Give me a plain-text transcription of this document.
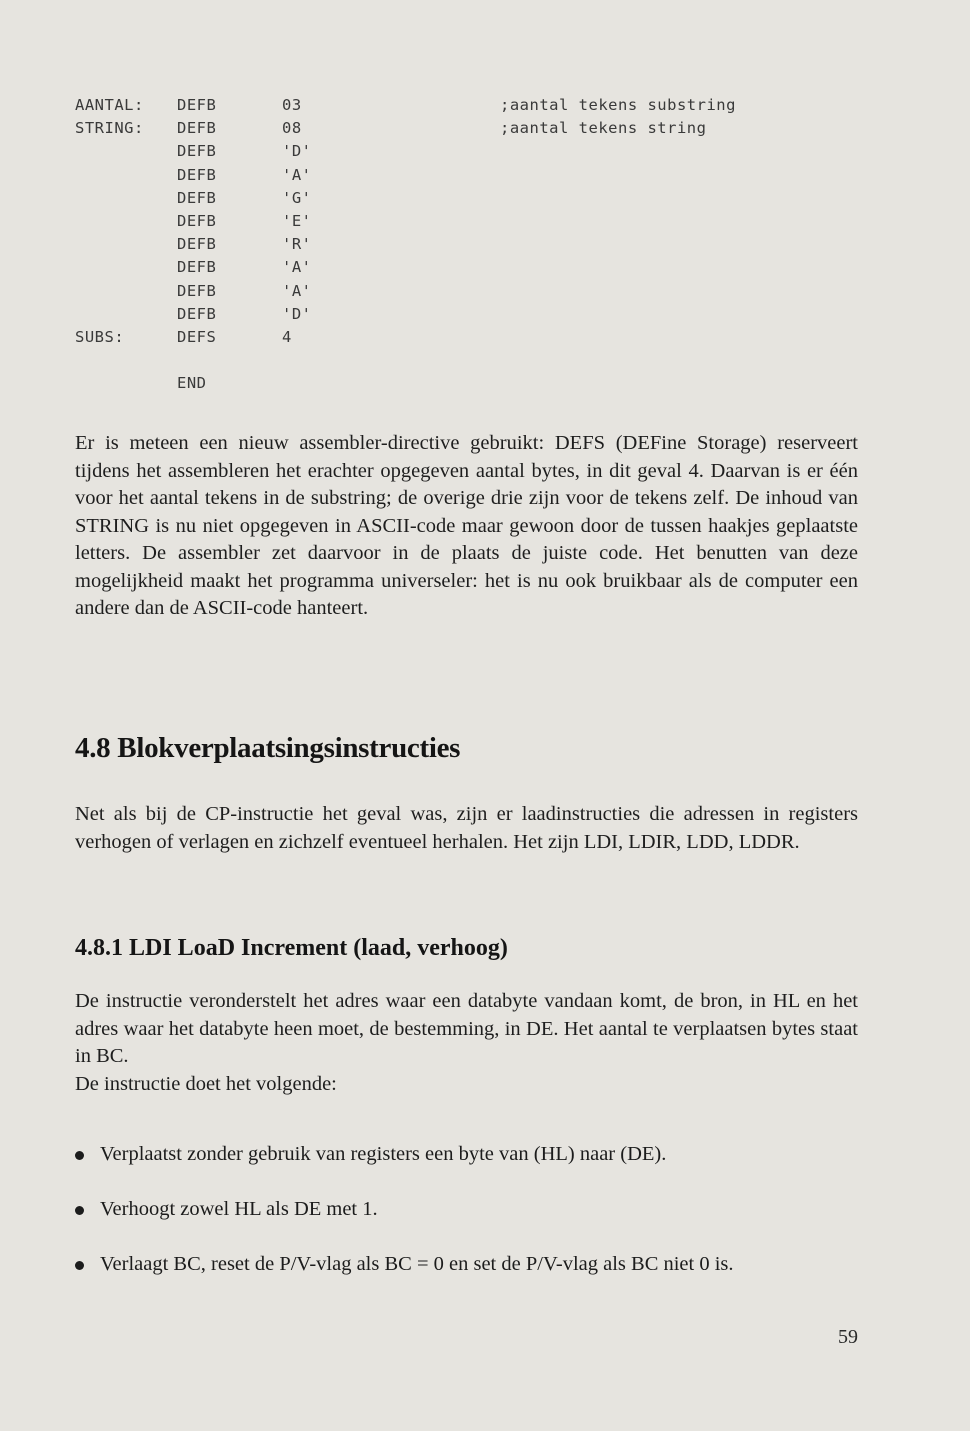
AANTAL: DEFB	03	;aantal tekens substring
STRING: DEFB	08	;aantal tekens string
DEFB	'D'
DEFB	'A'
DEFB	'G'
DEFB	'E'
DEFB	'R'
DEFB	'A'
DEFB	'A'
DEFB	'D'
SUBS:	DEFS	4
END

Er is meteen een nieuw assembler-directive gebruikt: DEFS (DEFine Storage) reserveert tijdens het assembleren het erachter opgegeven aantal bytes, in dit geval 4. Daarvan is er één voor het aantal tekens in de substring; de overige drie zijn voor de tekens zelf. De inhoud van STRING is nu niet opgegeven in ASCII-code maar gewoon door de tussen haakjes geplaatste letters. De assembler zet daarvoor in de plaats de juiste code. Het benutten van deze mogelijkheid maakt het programma universeler: het is nu ook bruikbaar als de computer een andere dan de ASCII-code hanteert.

4.8 Blokverplaatsingsinstructies

Net als bij de CP-instructie het geval was, zijn er laadinstructies die adressen in registers verhogen of verlagen en zichzelf eventueel herhalen. Het zijn LDI, LDIR, LDD, LDDR.

4.8.1 LDI LoaD Increment (laad, verhoog)

De instructie veronderstelt het adres waar een databyte vandaan komt, de bron, in HL en het adres waar het databyte heen moet, de bestemming, in DE. Het aantal te verplaatsen bytes staat in BC.

De instructie doet het volgende:

Verplaatst zonder gebruik van registers een byte van (HL) naar (DE).
Verhoogt zowel HL als DE met 1.
Verlaagt BC, reset de P/V-vlag als BC = 0 en set de P/V-vlag als BC niet 0 is.
59
